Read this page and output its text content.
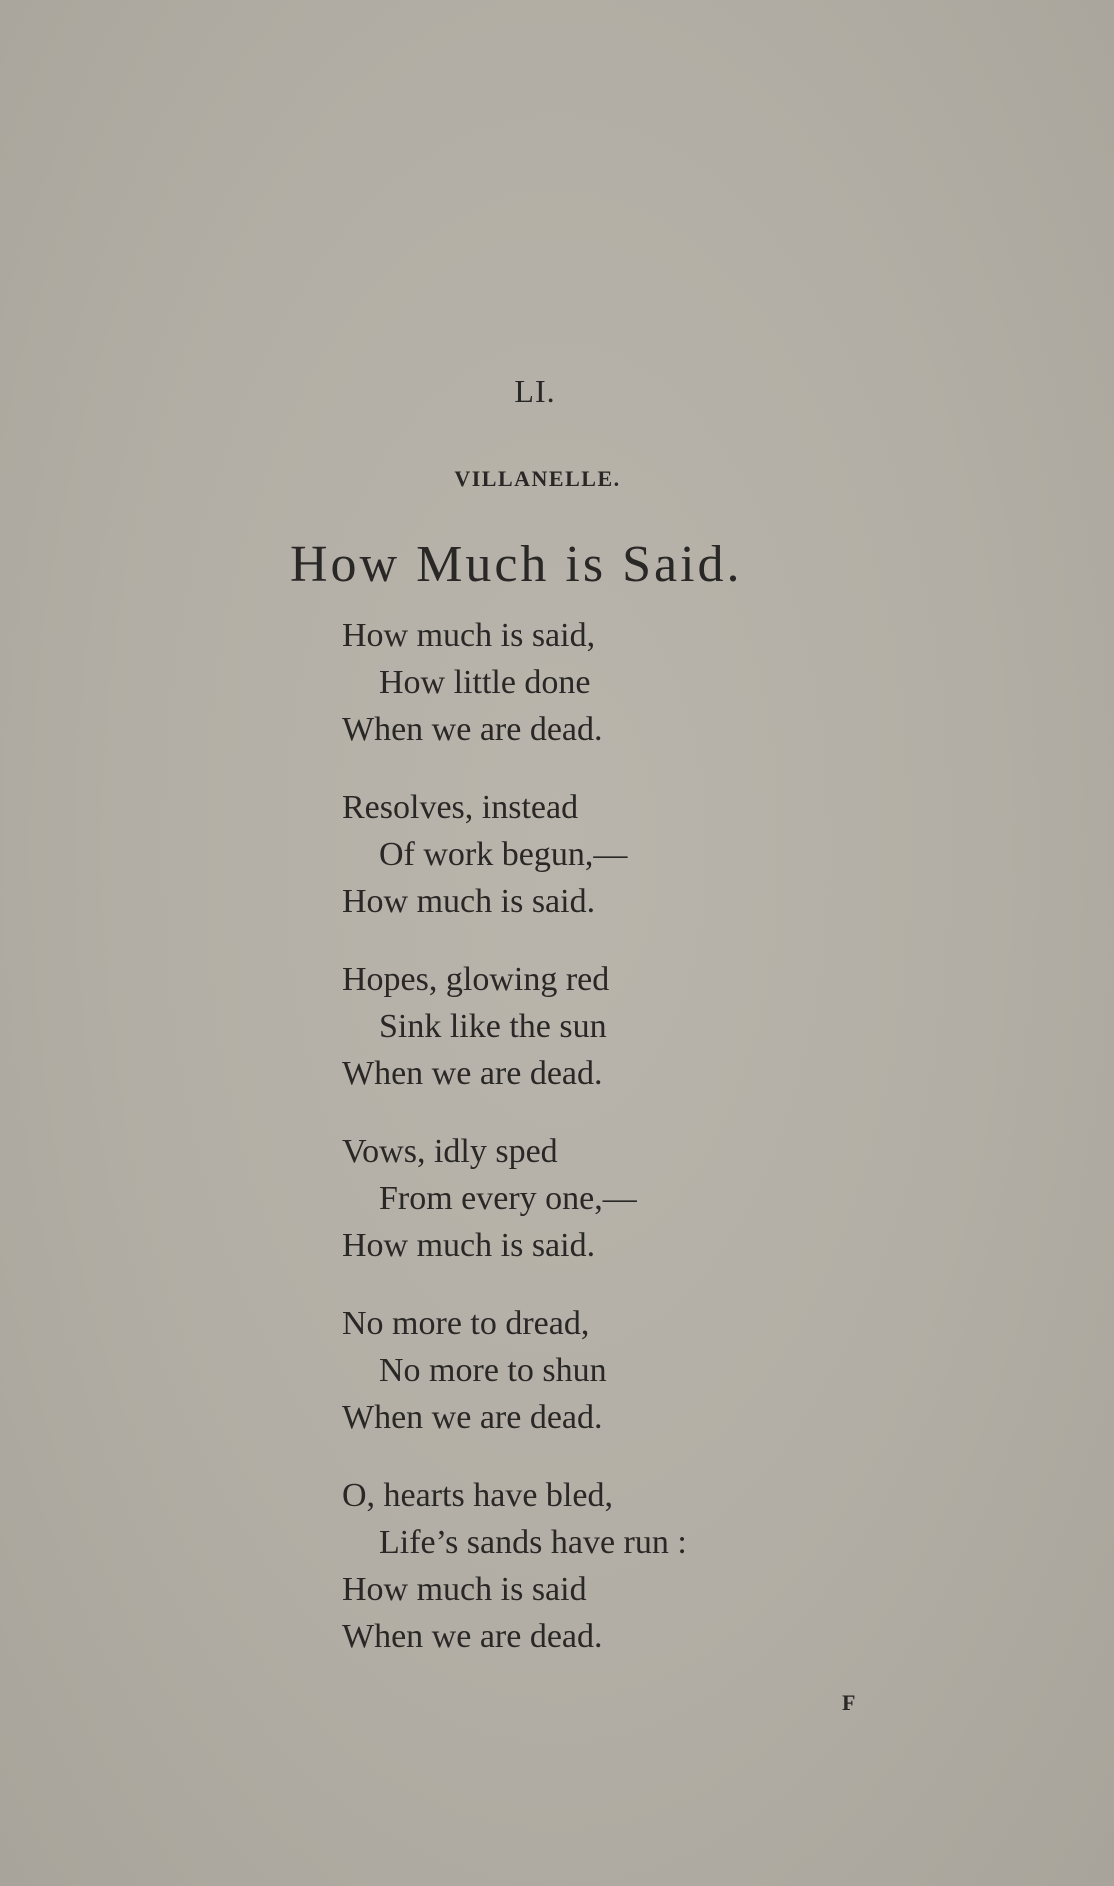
LI.
VILLANELLE.
How Much is Said.
How much is said,
How little done
When we are dead.
Resolves, instead
Of work begun,—
How much is said.
Hopes, glowing red
Sink like the sun
When we are dead.
Vows, idly sped
From every one,—
How much is said.
No more to dread,
No more to shun
When we are dead.
O, hearts have bled,
Life’s sands have run :
How much is said
When we are dead.
F
